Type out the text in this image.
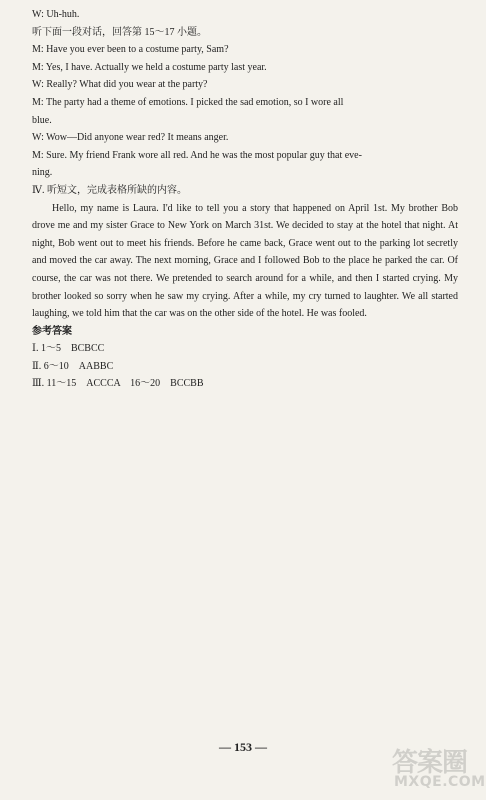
W: Uh-huh.
听下面一段对话，回答第 15～17 小题。
M: Have you ever been to a costume party, Sam?
M: Yes, I have. Actually we held a costume party last year.
W: Really? What did you wear at the party?
M: The party had a theme of emotions. I picked the sad emotion, so I wore all
blue.
W: Wow—Did anyone wear red? It means anger.
M: Sure. My friend Frank wore all red. And he was the most popular guy that eve-
ning.
Ⅳ. 听短文，完成表格所缺的内容。
Hello, my name is Laura. I'd like to tell you a story that happened on April 1st. My brother Bob drove me and my sister Grace to New York on March 31st. We decided to stay at the hotel that night. At night, Bob went out to meet his friends. Before he came back, Grace went out to the parking lot secretly and moved the car away. The next morning, Grace and I followed Bob to the place he parked the car. Of course, the car was not there. We pretended to search around for a while, and then I started crying. My brother looked so sorry when he saw my crying. After a while, my cry turned to laughter. We all started laughing, we told him that the car was on the other side of the hotel. He was fooled.
参考答案
Ⅰ. 1～5　BCBCC
Ⅱ. 6～10　AABBC
Ⅲ. 11～15　ACCCA　16～20　BCCBB
— 153 —
答案圈
MXQE.COM
